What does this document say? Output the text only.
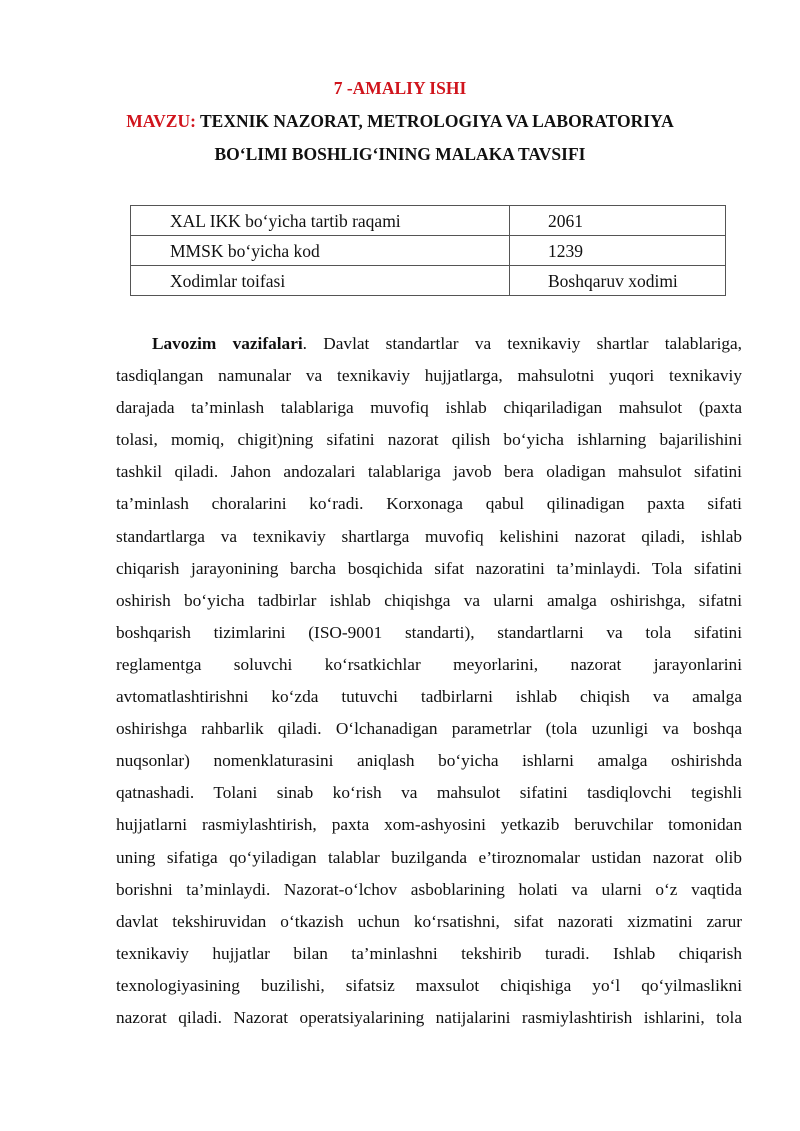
7 -AMALIY ISHI
MAVZU: TEXNIK NAZORAT, METROLOGIYA VA LABORATORIYA
BO‘LIMI BOSHLIG‘INING MALAKA TAVSIFI
XAL IKK bo‘yicha tartib raqami	2061
MMSK bo‘yicha kod	1239
Xodimlar toifasi	Boshqaruv xodimi
Lavozim vazifalari. Davlat standartlar va texnikaviy shartlar talablariga,
tasdiqlangan namunalar va texnikaviy hujjatlarga, mahsulotni yuqori texnikaviy
darajada ta’minlash talablariga muvofiq ishlab chiqariladigan mahsulot (paxta
tolasi, momiq, chigit)ning sifatini nazorat qilish bo‘yicha ishlarning bajarilishini
tashkil qiladi. Jahon andozalari talablariga javob bera oladigan mahsulot sifatini
ta’minlash choralarini ko‘radi. Korxonaga qabul qilinadigan paxta sifati
standartlarga va texnikaviy shartlarga muvofiq kelishini nazorat qiladi, ishlab
chiqarish jarayonining barcha bosqichida sifat nazoratini ta’minlaydi. Tola sifatini
oshirish bo‘yicha tadbirlar ishlab chiqishga va ularni amalga oshirishga, sifatni
boshqarish tizimlarini (ISO-9001 standarti), standartlarni va tola sifatini
reglamentga soluvchi ko‘rsatkichlar meyorlarini, nazorat jarayonlarini
avtomatlashtirishni ko‘zda tutuvchi tadbirlarni ishlab chiqish va amalga
oshirishga rahbarlik qiladi. O‘lchanadigan parametrlar (tola uzunligi va boshqa
nuqsonlar) nomenklaturasini aniqlash bo‘yicha ishlarni amalga oshirishda
qatnashadi. Tolani sinab ko‘rish va mahsulot sifatini tasdiqlovchi tegishli
hujjatlarni rasmiylashtirish, paxta xom-ashyosini yetkazib beruvchilar tomonidan
uning sifatiga qo‘yiladigan talablar buzilganda e’tiroznomalar ustidan nazorat olib
borishni ta’minlaydi. Nazorat-o‘lchov asboblarining holati va ularni o‘z vaqtida
davlat tekshiruvidan o‘tkazish uchun ko‘rsatishni, sifat nazorati xizmatini zarur
texnikaviy hujjatlar bilan ta’minlashni tekshirib turadi. Ishlab chiqarish
texnologiyasining buzilishi, sifatsiz maxsulot chiqishiga yo‘l qo‘yilmaslikni
nazorat qiladi. Nazorat operatsiyalarining natijalarini rasmiylashtirish ishlarini, tola
